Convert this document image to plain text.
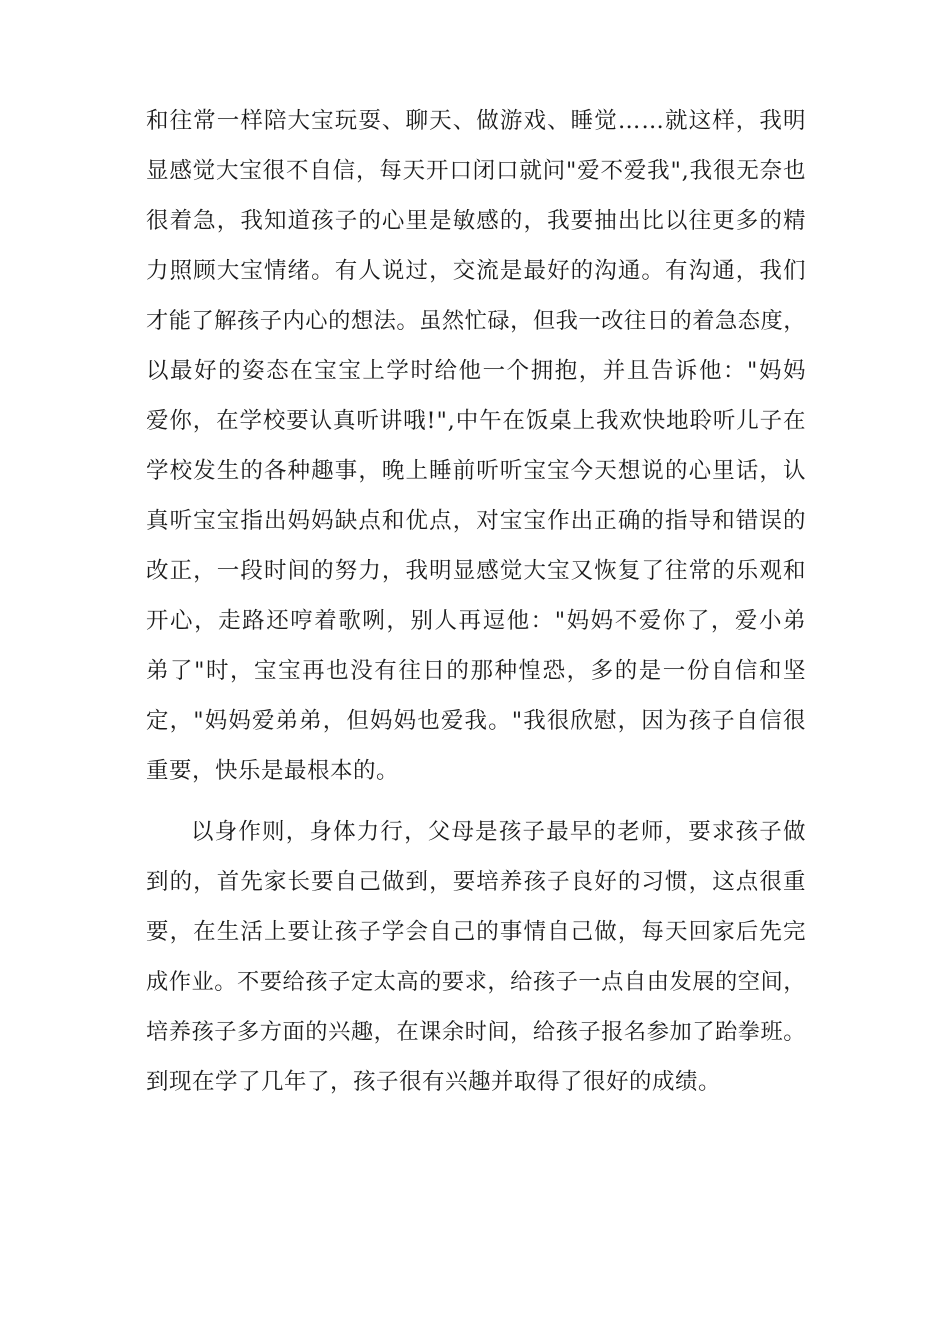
和往常一样陪大宝玩耍、聊天、做游戏、睡觉……就这样，我明
显感觉大宝很不自信，每天开口闭口就问"爱不爱我",我很无奈也
很着急，我知道孩子的心里是敏感的，我要抽出比以往更多的精
力照顾大宝情绪。有人说过，交流是最好的沟通。有沟通，我们
才能了解孩子内心的想法。虽然忙碌，但我一改往日的着急态度，
以最好的姿态在宝宝上学时给他一个拥抱，并且告诉他："妈妈
爱你，在学校要认真听讲哦!",中午在饭桌上我欢快地聆听儿子在
学校发生的各种趣事，晚上睡前听听宝宝今天想说的心里话，认
真听宝宝指出妈妈缺点和优点，对宝宝作出正确的指导和错误的
改正，一段时间的努力，我明显感觉大宝又恢复了往常的乐观和
开心，走路还哼着歌咧，别人再逗他："妈妈不爱你了，爱小弟
弟了"时，宝宝再也没有往日的那种惶恐，多的是一份自信和坚
定，"妈妈爱弟弟，但妈妈也爱我。"我很欣慰，因为孩子自信很
重要，快乐是最根本的。
以身作则，身体力行，父母是孩子最早的老师，要求孩子做
到的，首先家长要自己做到，要培养孩子良好的习惯，这点很重
要，在生活上要让孩子学会自己的事情自己做，每天回家后先完
成作业。不要给孩子定太高的要求，给孩子一点自由发展的空间，
培养孩子多方面的兴趣，在课余时间，给孩子报名参加了跆拳班。
到现在学了几年了，孩子很有兴趣并取得了很好的成绩。
